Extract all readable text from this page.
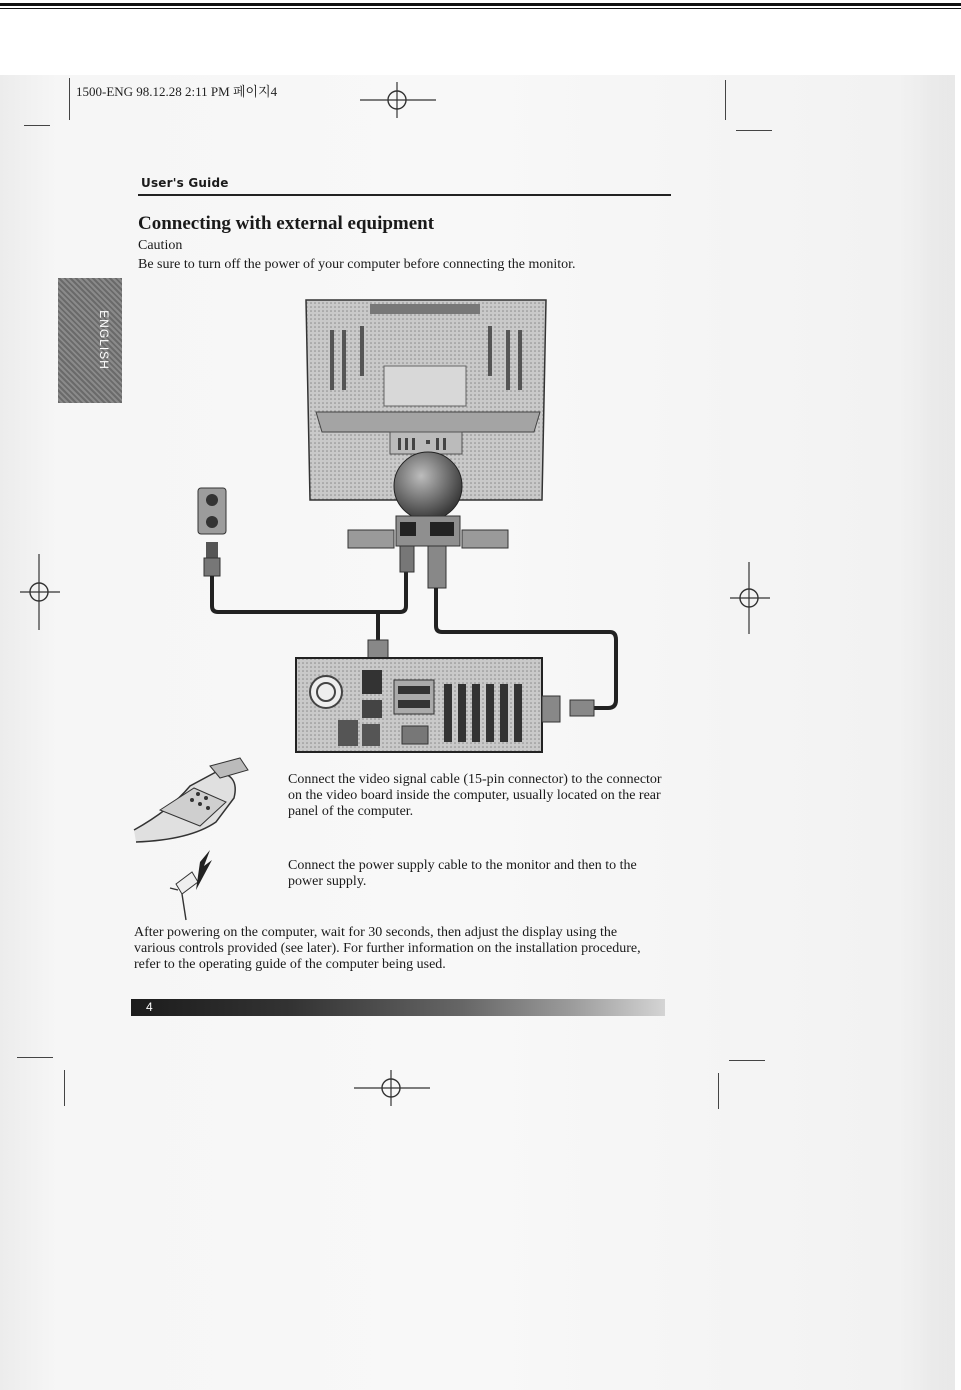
1500-ENG 98.12.28 2:11 PM 페이지4
User's Guide
Connecting with external equipment
Caution
Be sure to turn off the power of your computer before connecting the monitor.
ENGLISH
Connect the video signal cable (15-pin connector) to the connector on the video board inside the computer, usually located on the rear panel of the computer.
Connect the power supply cable to the monitor and then to the power supply.
After powering on the computer, wait for 30 seconds, then adjust the display using the various controls provided (see later). For further information on the installation procedure, refer to the operating guide of the computer being used.
4
